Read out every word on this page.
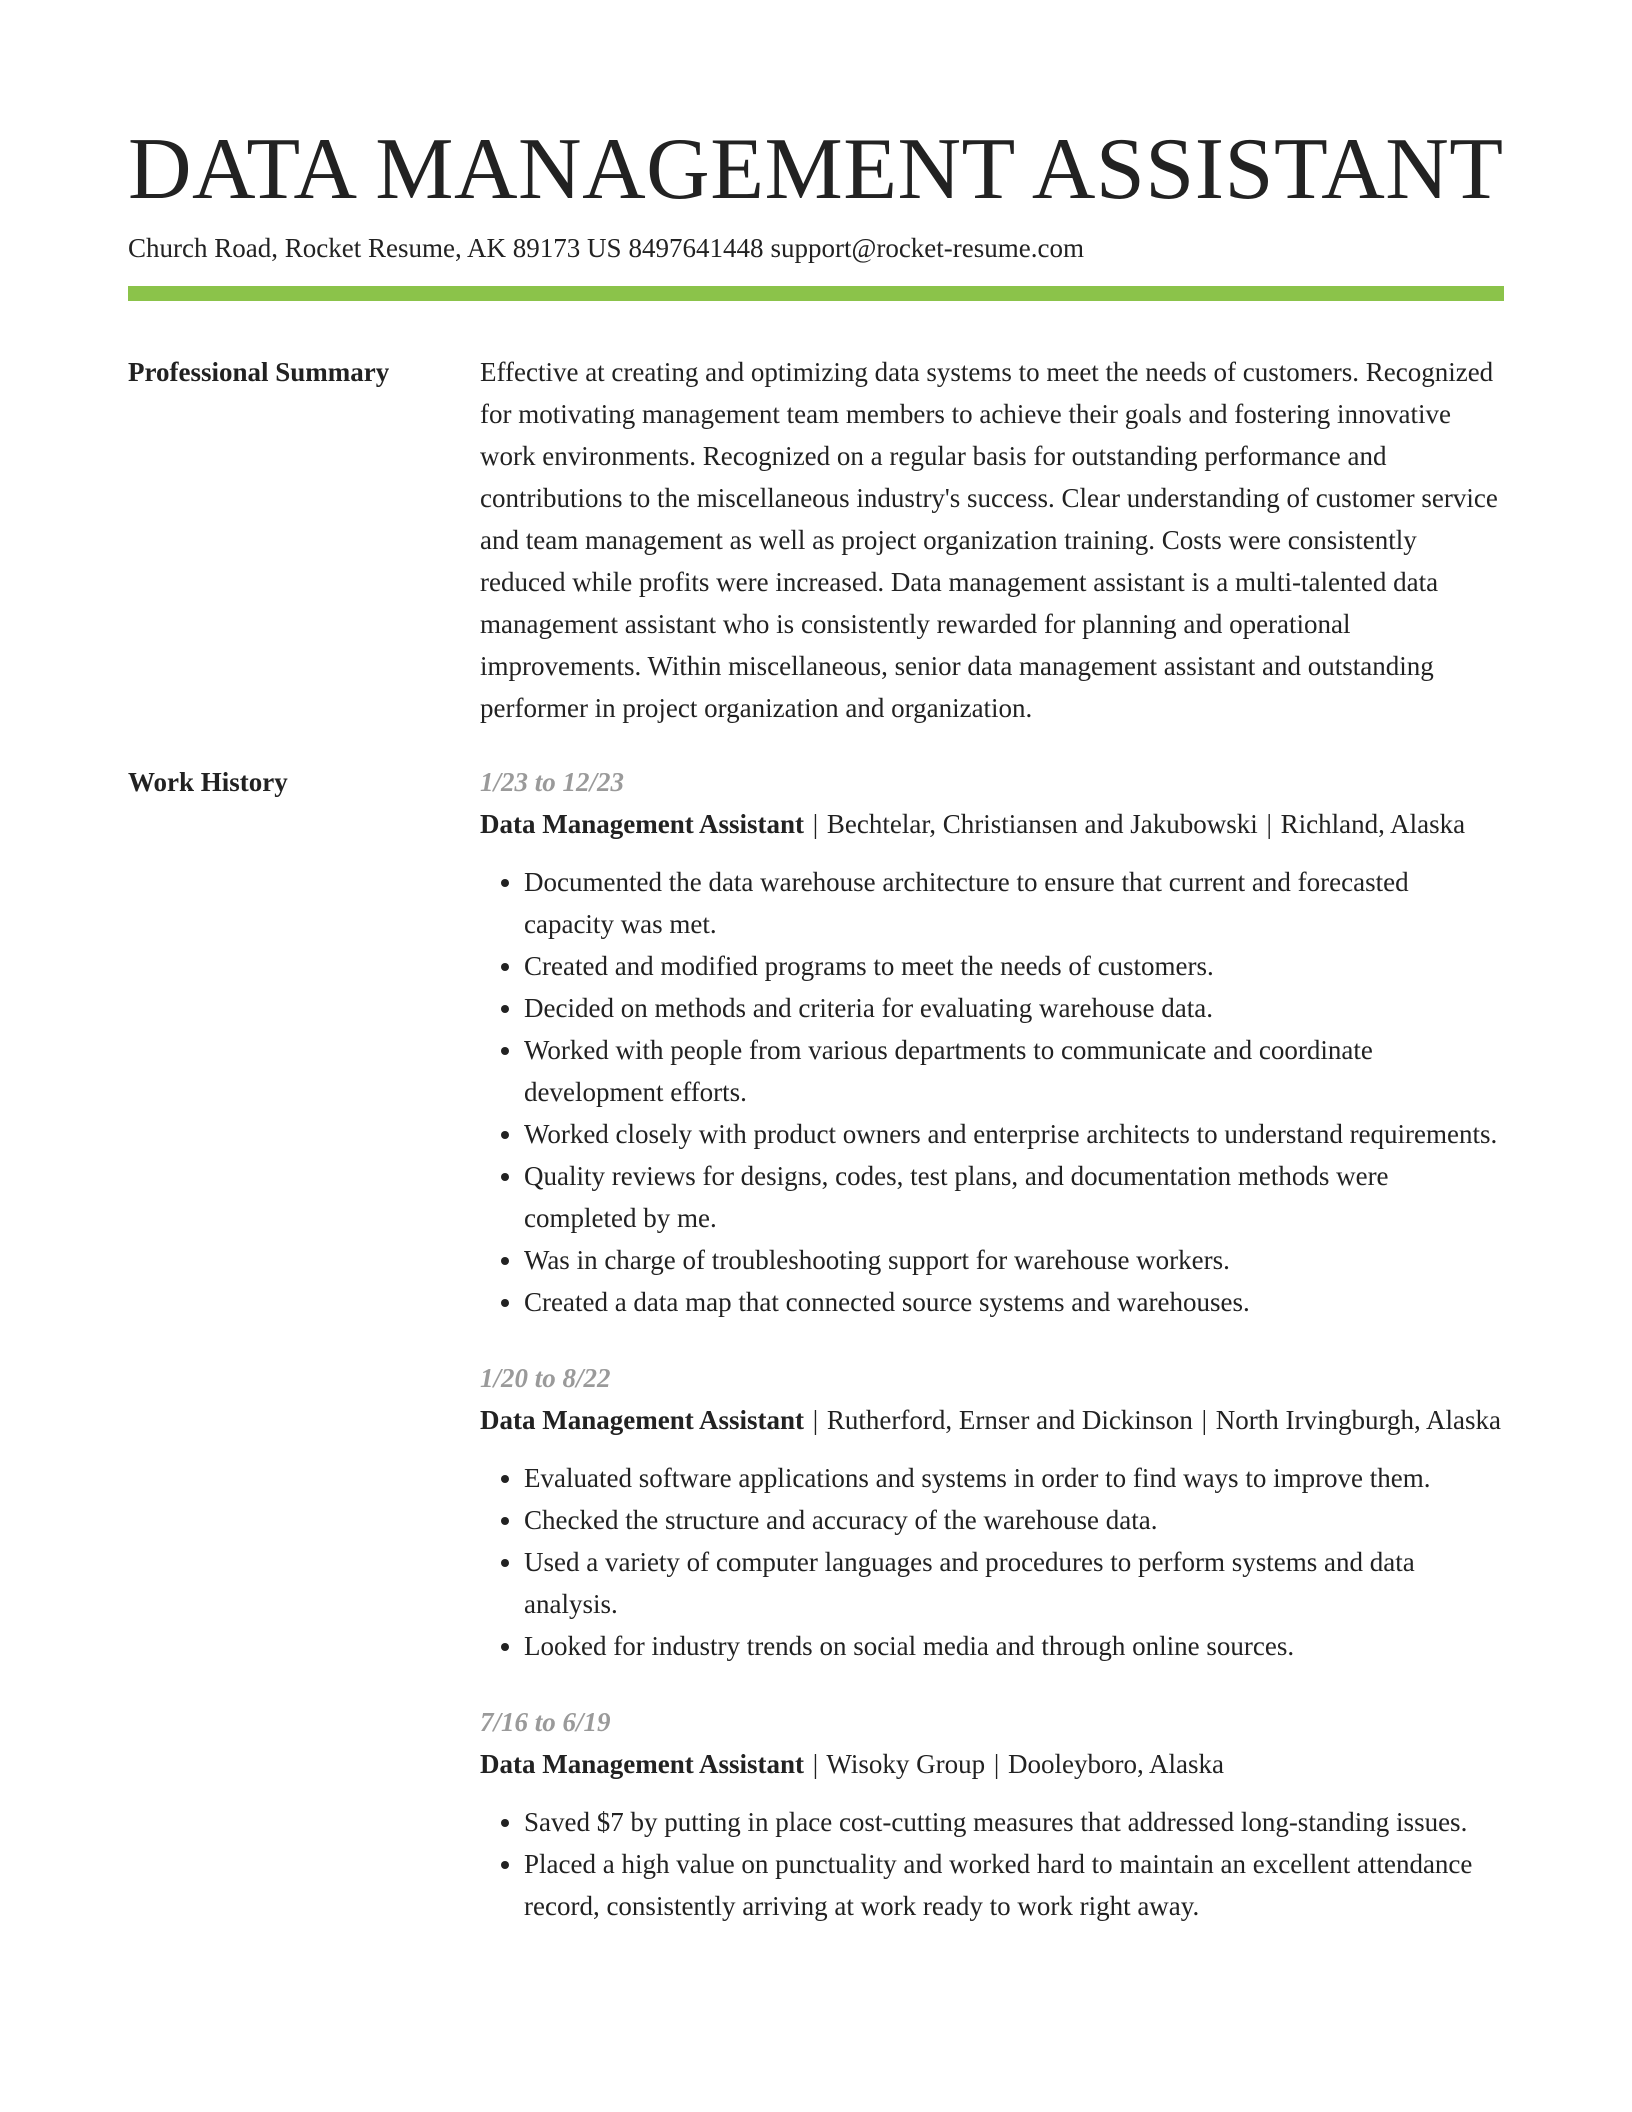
DATA MANAGEMENT ASSISTANT
Church Road, Rocket Resume, AK 89173 US 8497641448 support@rocket-resume.com
Professional Summary	Effective at creating and optimizing data systems to meet the needs of customers. Recognized for motivating management team members to achieve their goals and fostering innovative work environments. Recognized on a regular basis for outstanding performance and contributions to the miscellaneous industry's success. Clear understanding of customer service and team management as well as project organization training. Costs were consistently reduced while profits were increased. Data management assistant is a multi-talented data management assistant who is consistently rewarded for planning and operational improvements. Within miscellaneous, senior data management assistant and outstanding performer in project organization and organization.
Work History	1/23 to 12/23
Data Management Assistant | Bechtelar, Christiansen and Jakubowski | Richland, Alaska
• Documented the data warehouse architecture to ensure that current and forecasted capacity was met.
• Created and modified programs to meet the needs of customers.
• Decided on methods and criteria for evaluating warehouse data.
• Worked with people from various departments to communicate and coordinate development efforts.
• Worked closely with product owners and enterprise architects to understand requirements.
• Quality reviews for designs, codes, test plans, and documentation methods were completed by me.
• Was in charge of troubleshooting support for warehouse workers.
• Created a data map that connected source systems and warehouses.
1/20 to 8/22
Data Management Assistant | Rutherford, Ernser and Dickinson | North Irvingburgh, Alaska
• Evaluated software applications and systems in order to find ways to improve them.
• Checked the structure and accuracy of the warehouse data.
• Used a variety of computer languages and procedures to perform systems and data analysis.
• Looked for industry trends on social media and through online sources.
7/16 to 6/19
Data Management Assistant | Wisoky Group | Dooleyboro, Alaska
• Saved $7 by putting in place cost-cutting measures that addressed long-standing issues.
• Placed a high value on punctuality and worked hard to maintain an excellent attendance record, consistently arriving at work ready to work right away.
